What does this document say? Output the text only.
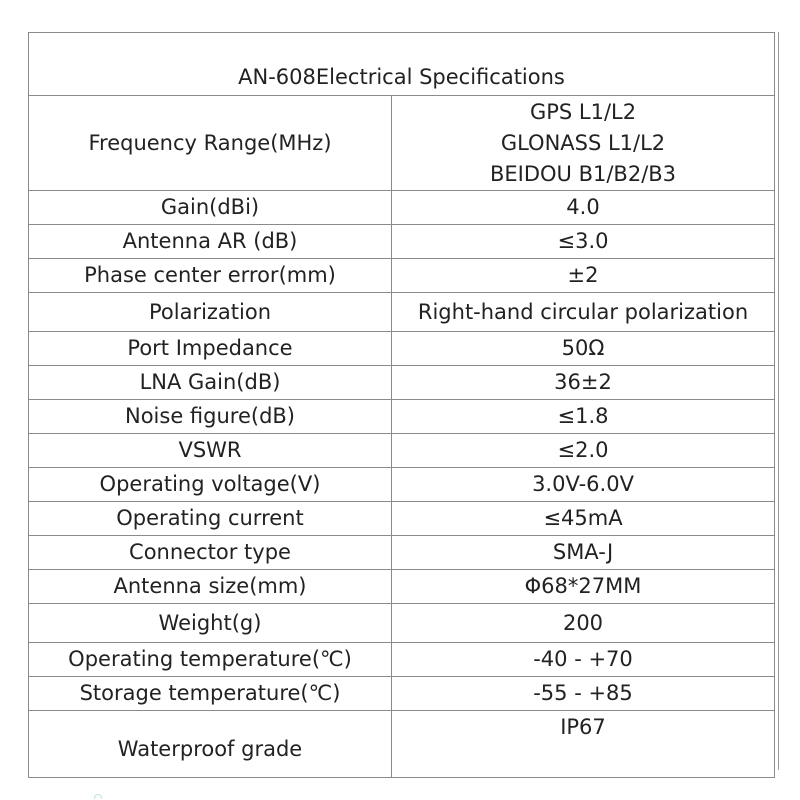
AN-608Electrical Specifications	
Frequency Range(MHz)	GPS L1/L2
GLONASS L1/L2
BEIDOU B1/B2/B3

Gain(dBi)	4.0
Antenna AR (dB)	≤3.0
Phase center error(mm)	±2
Polarization	Right-hand circular polarization
Port Impedance	50Ω
LNA Gain(dB)	36±2
Noise figure(dB)	≤1.8
VSWR	≤2.0
Operating voltage(V)	3.0V-6.0V
Operating current	≤45mA
Connector type	SMA-J
Antenna size(mm)	Φ68*27MM
Weight(g)	200
Operating temperature(℃)	-40 - +70
Storage temperature(℃)	-55 - +85
Waterproof grade	IP67
